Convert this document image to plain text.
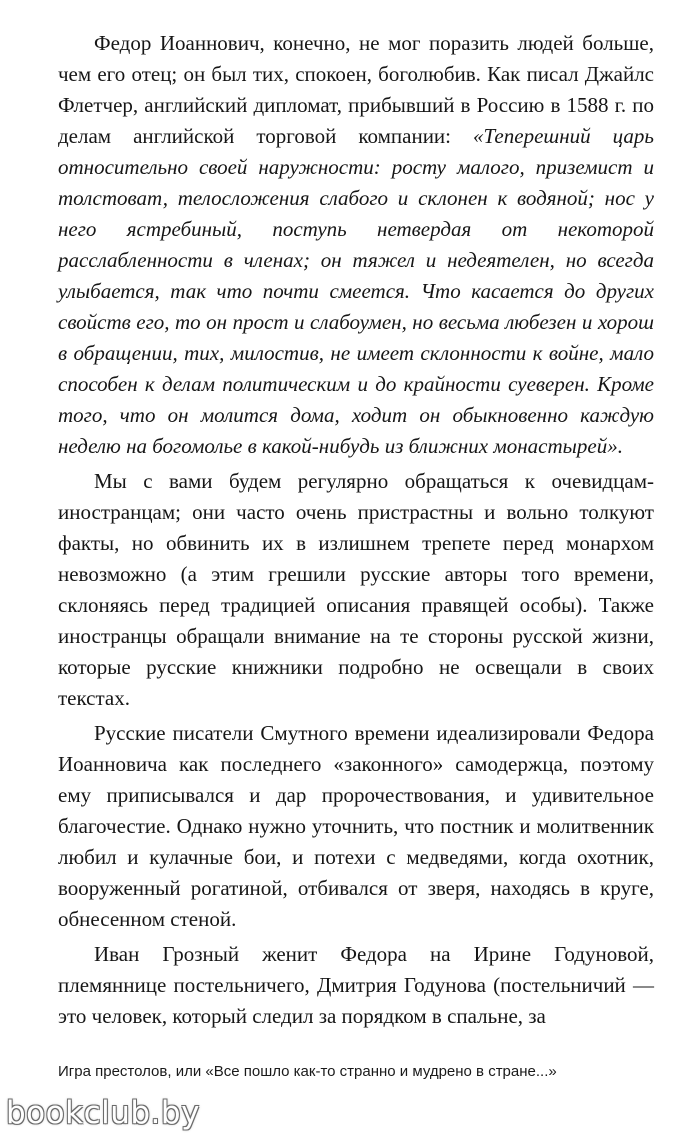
Федор Иоаннович, конечно, не мог поразить людей больше, чем его отец; он был тих, спокоен, боголюбив. Как писал Джайлс Флетчер, английский дипломат, прибывший в Россию в 1588 г. по делам английской торговой компании: «Теперешний царь относительно своей наружности: росту малого, приземист и толстоват, телосложения слабого и склонен к водяной; нос у него ястребиный, поступь нетвердая от некоторой расслабленности в членах; он тяжел и недеятелен, но всегда улыбается, так что почти смеется. Что касается до других свойств его, то он прост и слабоумен, но весьма любезен и хорош в обращении, тих, милостив, не имеет склонности к войне, мало способен к делам политическим и до крайности суеверен. Кроме того, что он молится дома, ходит он обыкновенно каждую неделю на богомолье в какой-нибудь из ближних монастырей».

Мы с вами будем регулярно обращаться к очевидцам-иностранцам; они часто очень пристрастны и вольно толкуют факты, но обвинить их в излишнем трепете перед монархом невозможно (а этим грешили русские авторы того времени, склоняясь перед традицией описания правящей особы). Также иностранцы обращали внимание на те стороны русской жизни, которые русские книжники подробно не освещали в своих текстах.

Русские писатели Смутного времени идеализировали Федора Иоанновича как последнего «законного» самодержца, поэтому ему приписывался и дар пророчествования, и удивительное благочестие. Однако нужно уточнить, что постник и молитвенник любил и кулачные бои, и потехи с медведями, когда охотник, вооруженный рогатиной, отбивался от зверя, находясь в круге, обнесенном стеной.

Иван Грозный женит Федора на Ирине Годуновой, племяннице постельничего, Дмитрия Годунова (постельничий — это человек, который следил за порядком в спальне, за

Игра престолов, или «Все пошло как-то странно и мудрено в стране...»
bookclub.by
